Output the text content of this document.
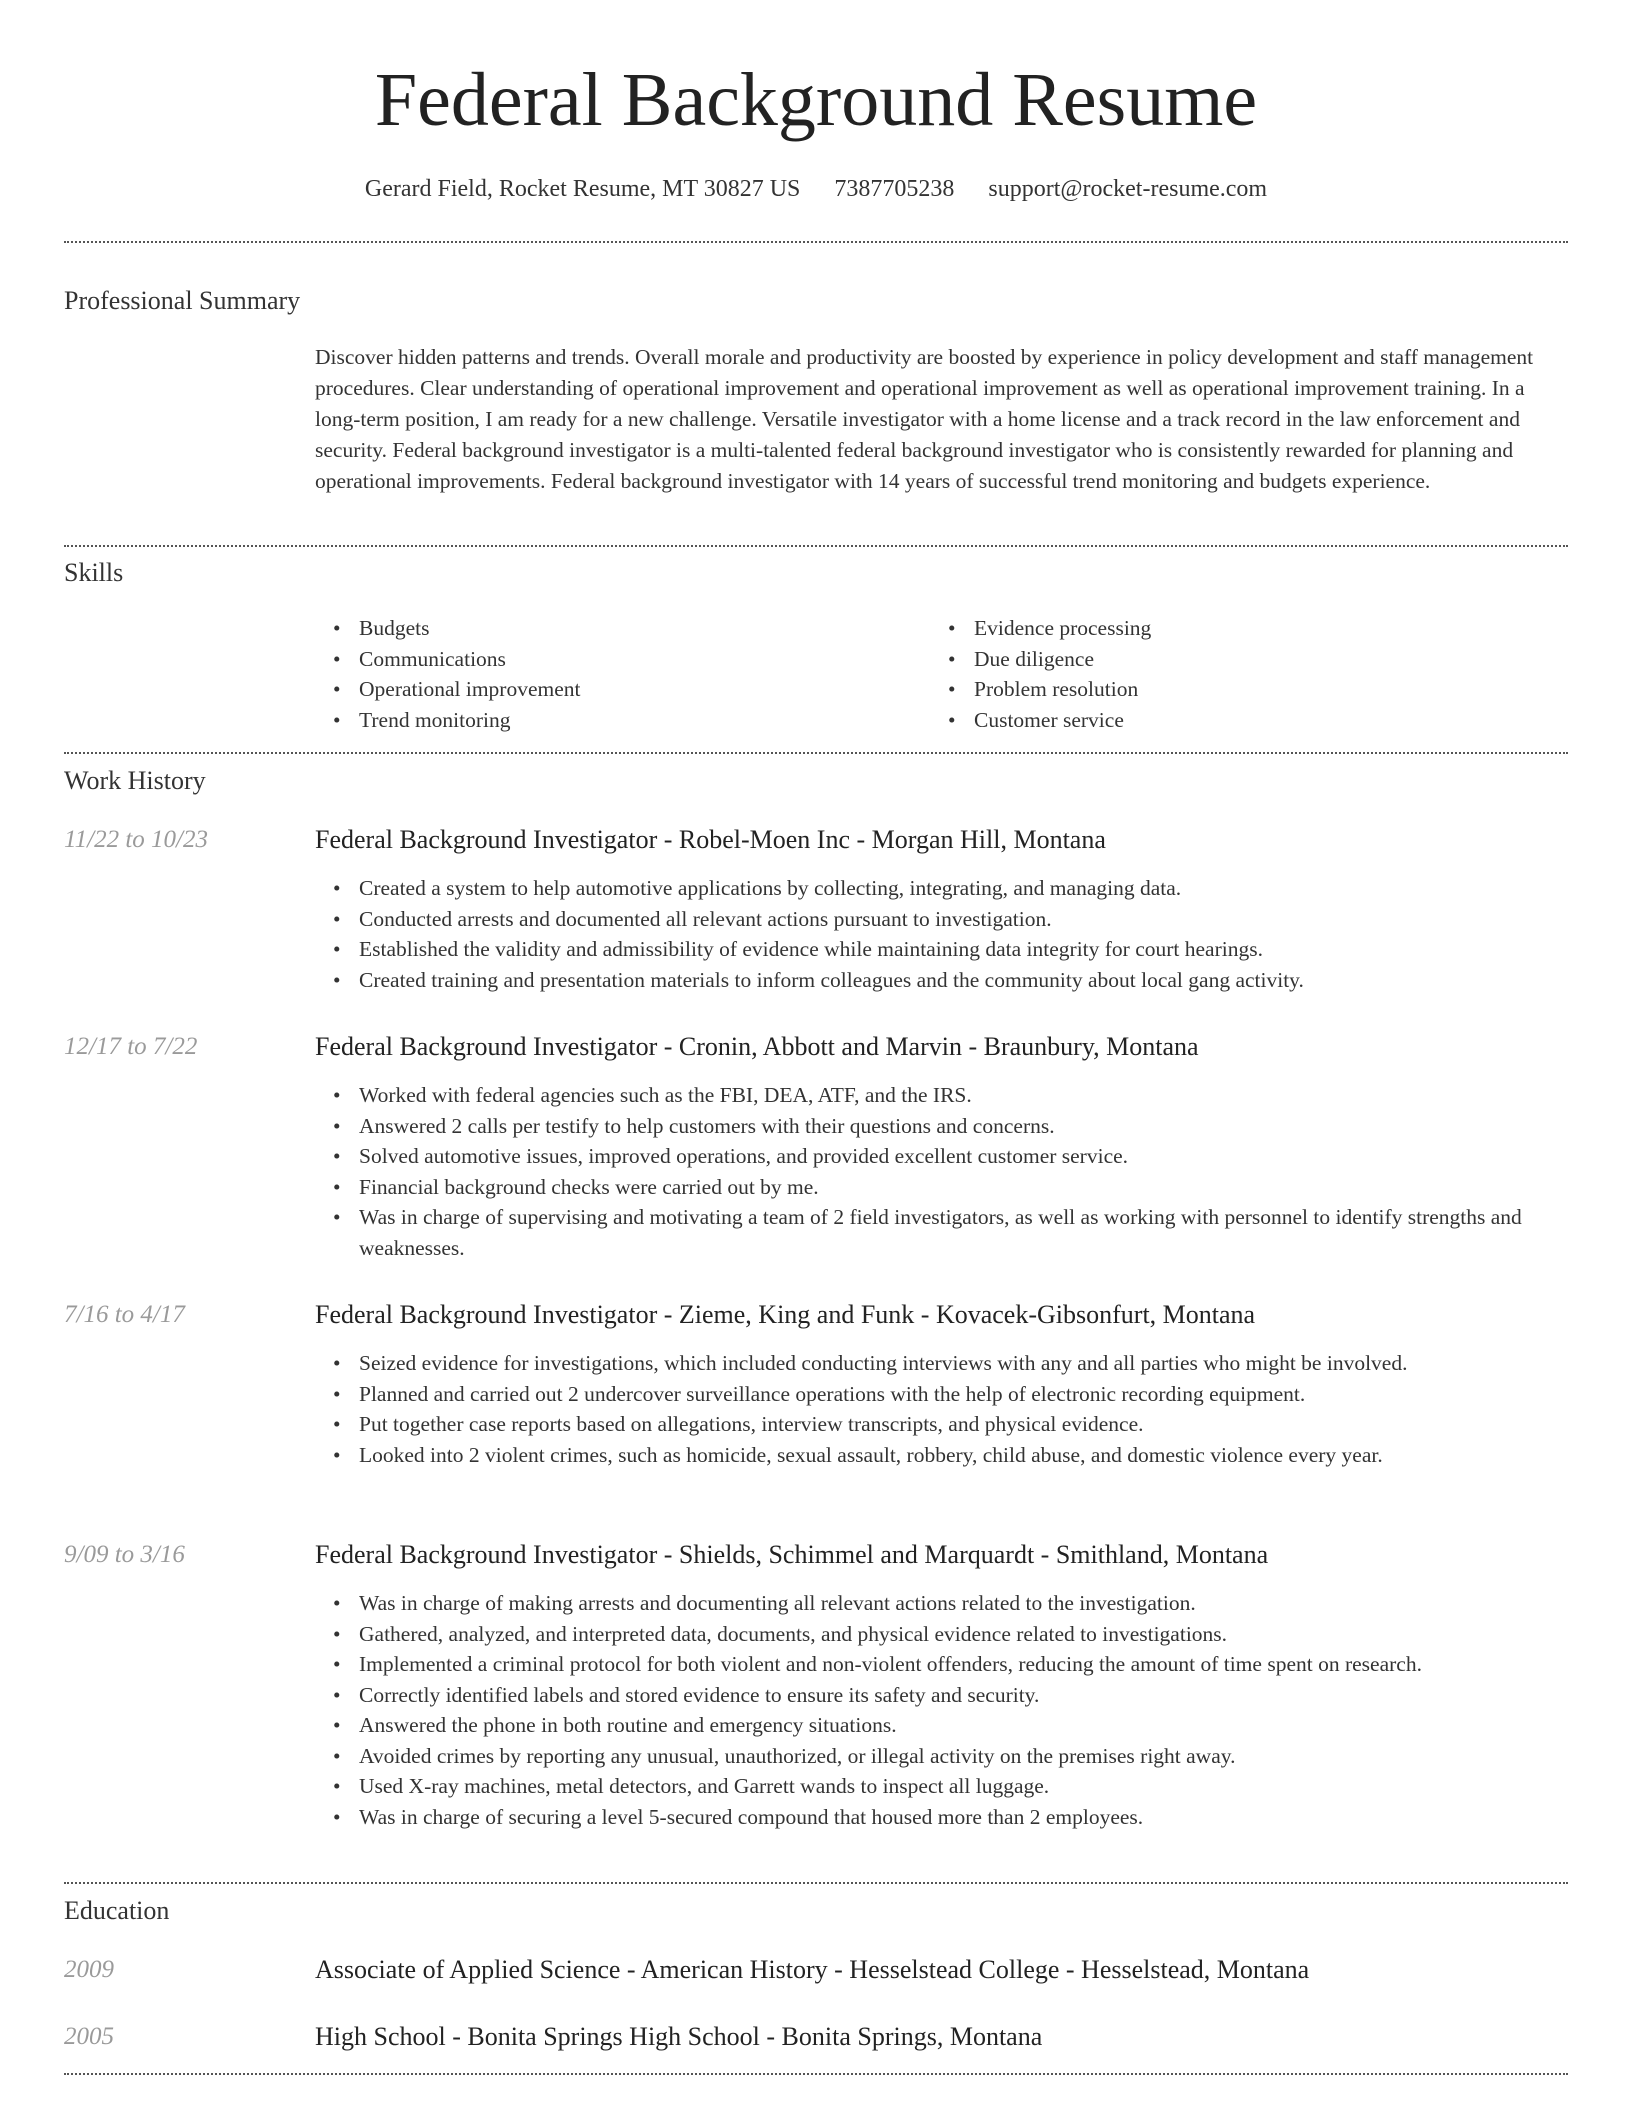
Federal Background Resume
Gerard Field, Rocket Resume, MT 30827 US 7387705238 support@rocket-resume.com
Professional Summary

Discover hidden patterns and trends. Overall morale and productivity are boosted by experience in policy development and staff management procedures. Clear understanding of operational improvement and operational improvement as well as operational improvement training. In a long-term position, I am ready for a new challenge. Versatile investigator with a home license and a track record in the law enforcement and security. Federal background investigator is a multi-talented federal background investigator who is consistently rewarded for planning and operational improvements. Federal background investigator with 14 years of successful trend monitoring and budgets experience.

Skills
• Budgets
• Communications
• Operational improvement
• Trend monitoring
• Evidence processing
• Due diligence
• Problem resolution
• Customer service
Work History
11/22 to 10/23	Federal Background Investigator - Robel-Moen Inc - Morgan Hill, Montana
• Created a system to help automotive applications by collecting, integrating, and managing data.
• Conducted arrests and documented all relevant actions pursuant to investigation.
• Established the validity and admissibility of evidence while maintaining data integrity for court hearings.
• Created training and presentation materials to inform colleagues and the community about local gang activity.
12/17 to 7/22	Federal Background Investigator - Cronin, Abbott and Marvin - Braunbury, Montana
• Worked with federal agencies such as the FBI, DEA, ATF, and the IRS.
• Answered 2 calls per testify to help customers with their questions and concerns.
• Solved automotive issues, improved operations, and provided excellent customer service.
• Financial background checks were carried out by me.
• Was in charge of supervising and motivating a team of 2 field investigators, as well as working with personnel to identify strengths and weaknesses.
7/16 to 4/17	Federal Background Investigator - Zieme, King and Funk - Kovacek-Gibsonfurt, Montana
• Seized evidence for investigations, which included conducting interviews with any and all parties who might be involved.
• Planned and carried out 2 undercover surveillance operations with the help of electronic recording equipment.
• Put together case reports based on allegations, interview transcripts, and physical evidence.
• Looked into 2 violent crimes, such as homicide, sexual assault, robbery, child abuse, and domestic violence every year.
9/09 to 3/16	Federal Background Investigator - Shields, Schimmel and Marquardt - Smithland, Montana
• Was in charge of making arrests and documenting all relevant actions related to the investigation.
• Gathered, analyzed, and interpreted data, documents, and physical evidence related to investigations.
• Implemented a criminal protocol for both violent and non-violent offenders, reducing the amount of time spent on research.
• Correctly identified labels and stored evidence to ensure its safety and security.
• Answered the phone in both routine and emergency situations.
• Avoided crimes by reporting any unusual, unauthorized, or illegal activity on the premises right away.
• Used X-ray machines, metal detectors, and Garrett wands to inspect all luggage.
• Was in charge of securing a level 5-secured compound that housed more than 2 employees.
Education
2009	Associate of Applied Science - American History - Hesselstead College - Hesselstead, Montana
2005	High School - Bonita Springs High School - Bonita Springs, Montana
